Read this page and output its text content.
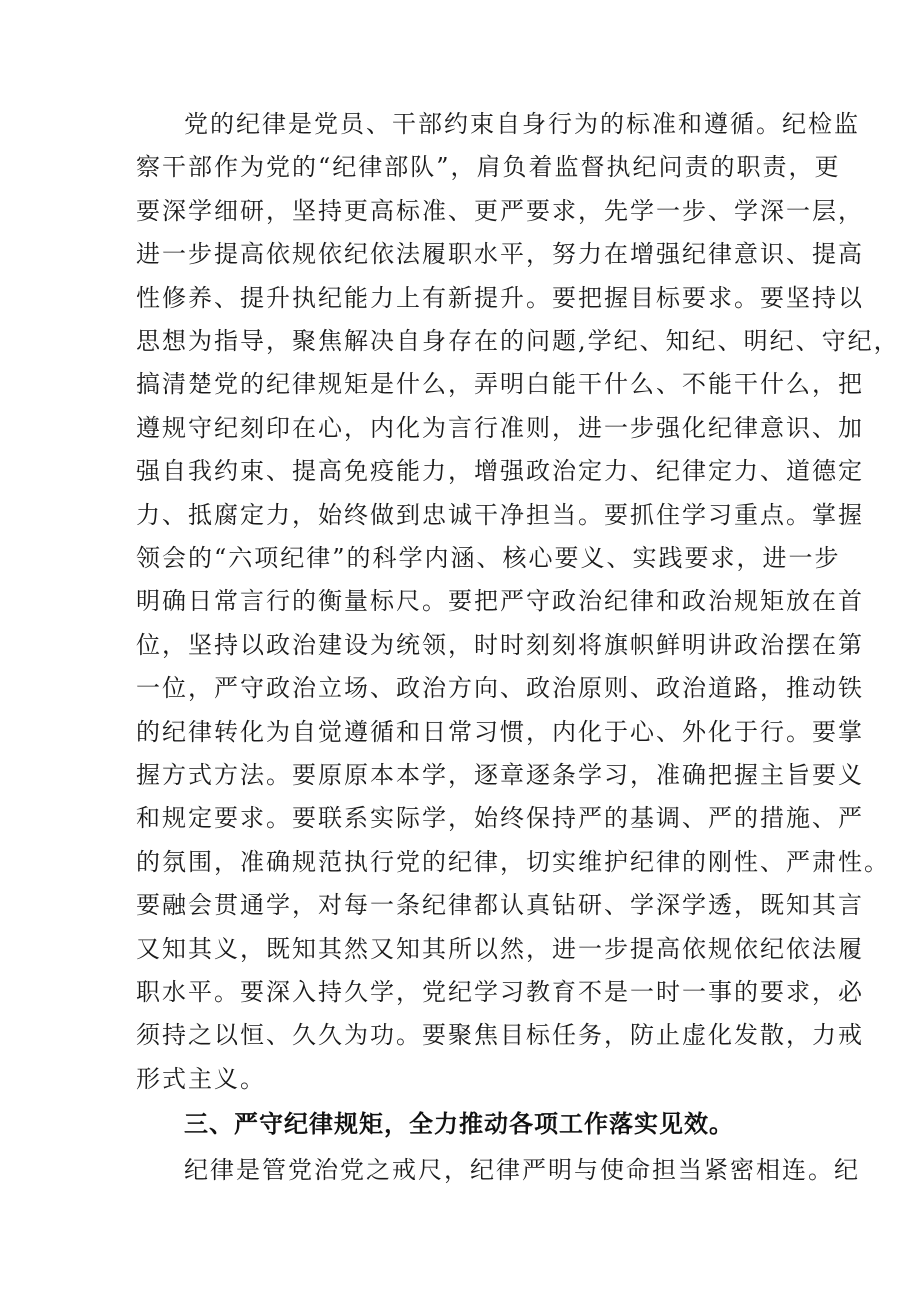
党的纪律是党员、干部约束自身行为的标准和遵循。纪检监
察干部作为党的“纪律部队”，肩负着监督执纪问责的职责，更
要深学细研，坚持更高标准、更严要求，先学一步、学深一层，
进一步提高依规依纪依法履职水平，努力在增强纪律意识、提高
性修养、提升执纪能力上有新提升。要把握目标要求。要坚持以
思想为指导，聚焦解决自身存在的问题,学纪、知纪、明纪、守纪，
搞清楚党的纪律规矩是什么，弄明白能干什么、不能干什么，把
遵规守纪刻印在心，内化为言行准则，进一步强化纪律意识、加
强自我约束、提高免疫能力，增强政治定力、纪律定力、道德定
力、抵腐定力，始终做到忠诚干净担当。要抓住学习重点。掌握
领会的“六项纪律”的科学内涵、核心要义、实践要求，进一步
明确日常言行的衡量标尺。要把严守政治纪律和政治规矩放在首
位，坚持以政治建设为统领，时时刻刻将旗帜鲜明讲政治摆在第
一位，严守政治立场、政治方向、政治原则、政治道路，推动铁
的纪律转化为自觉遵循和日常习惯，内化于心、外化于行。要掌
握方式方法。要原原本本学，逐章逐条学习，准确把握主旨要义
和规定要求。要联系实际学，始终保持严的基调、严的措施、严
的氛围，准确规范执行党的纪律，切实维护纪律的刚性、严肃性。
要融会贯通学，对每一条纪律都认真钻研、学深学透，既知其言
又知其义，既知其然又知其所以然，进一步提高依规依纪依法履
职水平。要深入持久学，党纪学习教育不是一时一事的要求，必
须持之以恒、久久为功。要聚焦目标任务，防止虚化发散，力戒
形式主义。
三、严守纪律规矩，全力推动各项工作落实见效。
纪律是管党治党之戒尺，纪律严明与使命担当紧密相连。纪
